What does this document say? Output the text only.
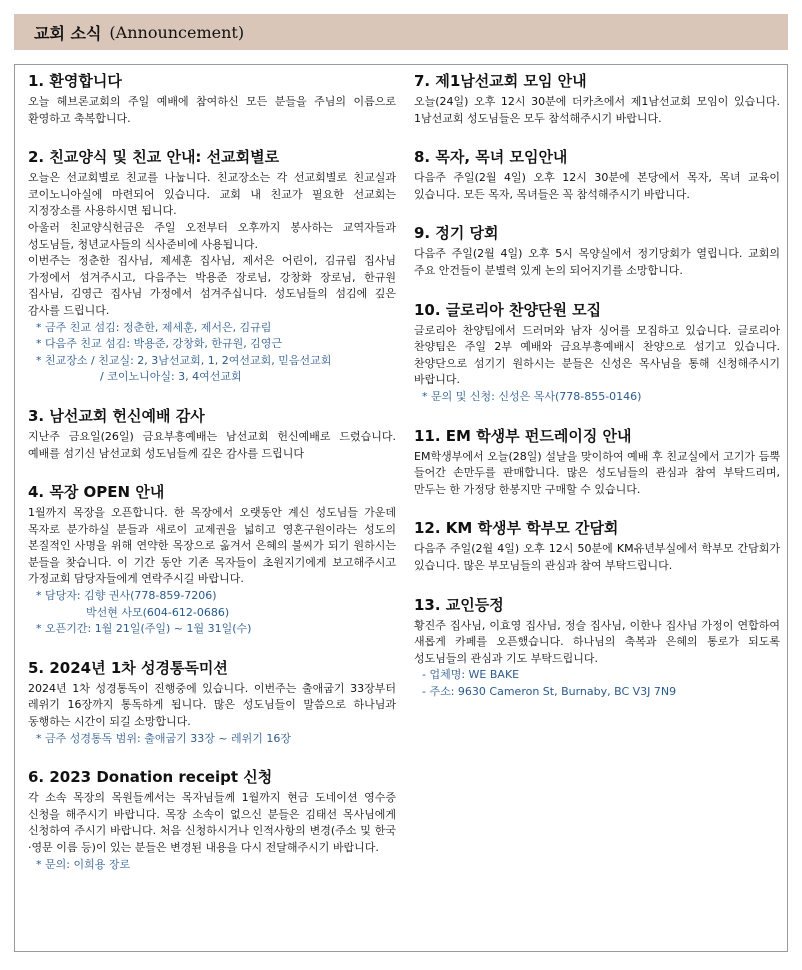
교회 소식 (Announcement)
1. 환영합니다

오늘 헤브론교회의 주일 예배에 참여하신 모든 분들을 주님의 이름으로 환영하고 축복합니다.

2. 친교양식 및 친교 안내: 선교회별로

오늘은 선교회별로 친교를 나눕니다. 친교장소는 각 선교회별로 친교실과 코이노니아실에 마련되어 있습니다. 교회 내 친교가 필요한 선교회는 지정장소를 사용하시면 됩니다.

아울러 친교양식헌금은 주일 오전부터 오후까지 봉사하는 교역자들과 성도님들, 청년교사들의 식사준비에 사용됩니다.

이번주는 정춘한 집사님, 제세훈 집사님, 제서은 어린이, 김규림 집사님 가정에서 섬겨주시고, 다음주는 박용준 장로님, 강창화 장로님, 한규원 집사님, 김영근 집사님 가정에서 섬겨주십니다. 성도님들의 섬김에 깊은 감사를 드립니다.

* 금주 친교 섬김: 정춘한, 제세훈, 제서은, 김규림
* 다음주 친교 섬김: 박용준, 강창화, 한규원, 김영근
* 친교장소 / 친교실: 2, 3남선교회, 1, 2여선교회, 믿음선교회
/ 코이노니아실: 3, 4여선교회
3. 남선교회 헌신예배 감사

지난주 금요일(26일) 금요부흥예배는 남선교회 헌신예배로 드렸습니다. 예배를 섬기신 남선교회 성도님들께 깊은 감사를 드립니다

4. 목장 OPEN 안내

1월까지 목장을 오픈합니다. 한 목장에서 오랫동안 계신 성도님들 가운데 목자로 분가하실 분들과 새로이 교제권을 넓히고 영혼구원이라는 성도의 본질적인 사명을 위해 연약한 목장으로 옮겨서 은혜의 불씨가 되기 원하시는 분들을 찾습니다. 이 기간 동안 기존 목자들이 초원지기에게 보고해주시고 가정교회 담당자들에게 연락주시길 바랍니다.

* 담당자: 김향 권사(778-859-7206)
박선현 사모(604-612-0686)
* 오픈기간: 1월 21일(주일) ~ 1월 31일(수)
5. 2024년 1차 성경통독미션

2024년 1차 성경통독이 진행중에 있습니다. 이번주는 출애굽기 33장부터 레위기 16장까지 통독하게 됩니다. 많은 성도님들이 말씀으로 하나님과 동행하는 시간이 되길 소망합니다.

* 금주 성경통독 범위: 출애굽기 33장 ~ 레위기 16장
6. 2023 Donation receipt 신청

각 소속 목장의 목원들께서는 목자님들께 1월까지 현금 도네이션 영수증 신청을 해주시기 바랍니다. 목장 소속이 없으신 분들은 김태선 목사님에게 신청하여 주시기 바랍니다. 처음 신청하시거나 인적사항의 변경(주소 및 한국·영문 이름 등)이 있는 분들은 변경된 내용을 다시 전달해주시기 바랍니다.

* 문의: 이희용 장로
7. 제1남선교회 모임 안내

오늘(24일) 오후 12시 30분에 더카츠에서 제1남선교회 모임이 있습니다. 1남선교회 성도님들은 모두 참석해주시기 바랍니다.

8. 목자, 목녀 모임안내

다음주 주일(2월 4일) 오후 12시 30분에 본당에서 목자, 목녀 교육이 있습니다. 모든 목자, 목녀들은 꼭 참석해주시기 바랍니다.

9. 정기 당회

다음주 주일(2월 4일) 오후 5시 목양실에서 정기당회가 열립니다. 교회의 주요 안건들이 분별력 있게 논의 되어지기를 소망합니다.

10. 글로리아 찬양단원 모집

글로리아 찬양팀에서 드러머와 남자 싱어를 모집하고 있습니다. 글로리아 찬양팀은 주일 2부 예배와 금요부흥예배시 찬양으로 섬기고 있습니다. 찬양단으로 섬기기 원하시는 분들은 신성은 목사님을 통해 신청해주시기 바랍니다.

* 문의 및 신청: 신성은 목사(778-855-0146)
11. EM 학생부 펀드레이징 안내

EM학생부에서 오늘(28일) 설날을 맞이하여 예배 후 친교실에서 고기가 듬뿍 들어간 손만두를 판매합니다. 많은 성도님들의 관심과 참여 부탁드리며, 만두는 한 가정당 한봉지만 구매할 수 있습니다.

12. KM 학생부 학부모 간담회

다음주 주일(2월 4일) 오후 12시 50분에 KM유년부실에서 학부모 간담회가 있습니다. 많은 부모님들의 관심과 참여 부탁드립니다.

13. 교인등정

황진주 집사님, 이효영 집사님, 정슬 집사님, 이한나 집사님 가정이 연합하여 새롭게 카페를 오픈했습니다. 하나님의 축복과 은혜의 통로가 되도록 성도님들의 관심과 기도 부탁드립니다.

- 업체명: WE BAKE
- 주소: 9630 Cameron St, Burnaby, BC V3J 7N9
